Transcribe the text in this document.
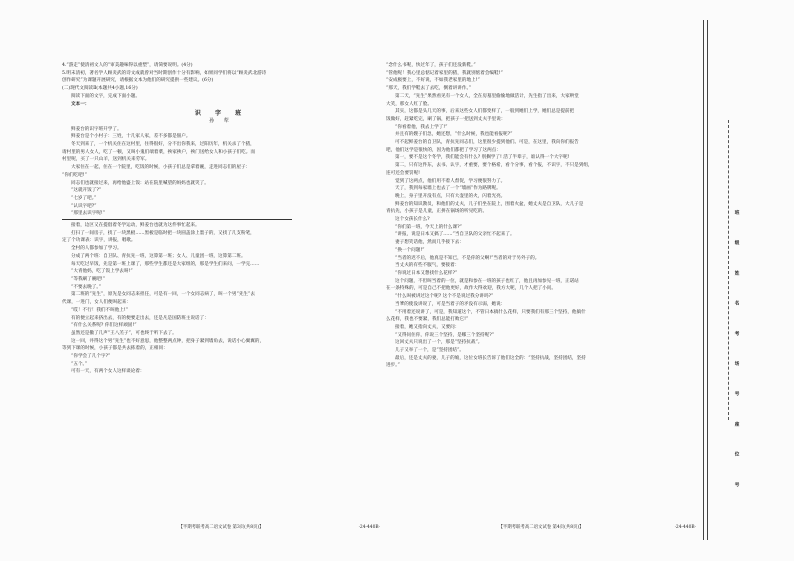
4.“游走”使清初文人的“审美趣味得以重塑”，请简要说明。(4分)
5.明末清初，著名学人顾炎武的诗文成就曾对当时期创作十分有影响，如果同学们将以“顾炎武北游诗
创作研究”为课题开展研究，请根据文本为他们的研究提供一些建议。(6分)
(二)现代文阅读Ⅱ(本题共4小题,16分)
阅读下面的文字，完成下面小题。
文本一：
识 字 班
孙 犁
鲜姜台的识字班开学了。
鲜姜台是个小村子：三姓，十几家人家，差不多都是佃户。
冬天到来了，一个机关住在这村里，住得很好，分不出你我来，过阳历年，机关杀了个猪，
请村里的男人女人，吃了一顿，又叫小鬼们端着菜，挨家挨户，挨门送给女人和小孩子们吃。而
村里呢，买了一只山羊，送到机关来劳军。
大家住在一起，住在一个院里，吃饭的时候，小孩子们总是拿着碗，走进同志们的屋子：
“你们吃吧!”
同志们也就接过来，再给他盛上饭：站在院里喊望的妈妈也就笑了。
“这就开饭了?”
“七岁了吧。”
“认识字吧?”
“那里去识字呢!”
接着，边区又在提倡着冬学运动，鲜姜台也就为这件事忙起来。
打扫了一间房子，找了一块黑板……黑板是临时把一块圆盖涂上墨子的，又找了几支粉笔，
定了个功课表：识字，讲报，唱歌。
全村的人都参加了学习。
分成了两个班：自卫队、青抗先一班，这算第一班；女人、儿童团一班，这算第二班。
每天吃过早饭，先是第一班上课了，那些学生都还是大家组的，那是学生们来问，一学完……
“大青他妈，吃了饭上学去呀!”
“等我刷了碗吧!”
“不要去晚了。”
第二班的“先生”，原先是女同志来担任，可是有一回，一个女同志病了，叫一个男“先生”去
代课，一进门，女人们便叫起来：
“哎！不行！我们不叫他上!”
有的便立起来挤出去，有的便要走出去，还是凡是国防班主说话了：
“有什么关系呢? 你们这样顽固!”
虽然还是撤了几声“王八羔子”，可也终于听下去了。
这一回，井得这个男“先生”也不好意思，他整整两点钟，把身子紧到墙角去，说话小心翼翼的，
等到下课的时候，小孩子都是共去拣着的，正相同：
“你学会了几个字?”
“五个。”
可有一天，有两个女人这样谈论着：
【半期考联考高二语文试卷 第3页(共8页)】	·24-440B·
“念什么书呢，快过年了，孩子们还没新鞋。”
“管他呢！我心里总惦记着家里的猪，我就别惦着会编鞋!”
“安成极要上，不好说，不如我老家里的地上!”
“那天，我们学鞋去了去吃，倒着讲讲作。”
第二天，“先生”果然看见有一个女人，全在房墓里偷偷地做活计，先生指了出来，大家哄堂
大笑，那女人红了脸。
其实，这都是头几天的事，后来这些女人们都变样了，一般到她们上学，她们总是提前把
饭做好，赶紧吃完，刷了锅，把孩子一把送到丈夫手里说：
“你看着他，我去上学了!”
并且有的嫂子们急，她还想，“什么时候，我也能看报呢?”
可不起鲜姜台的自卫队，青抗先同志们，这里很少提到他们。可是，在这里，我向你们报告
吧，他们这学是很快的，因为他们都把了学习了这两点：
第一，要不是这个冬学，我们能会有什么? 别搁学了! 活了半辈子，谁认得一个大字呢!
第二，只有这件东，去书、认字，才重要，要个格希，看个分事，看个报，不识字，不只是到组，
连可还会要罚呢!
觉到了这两点，他们用不着人督促，学习便很努力了。
天了，我到每家墙上也去了一个“墙画”作为路牌呢。
晚上，身子里开没有点，只有大壶里的火，闪着光亮。
鲜姜台的知识教员，和他们的丈夫，儿子们坐在院上，围着火盆，她丈夫是自卫队，大儿子是
青抗先，小孩子是儿童，正拼在锅场的听见吃的。
这个女孩长什么?
“你们第一班，今天上的什么课?”
“讲报，说是日本又搞了……”当自卫队的父亲忙不起来了。
妻子想笑话他，然而几乎接下去：
“换一个问题!”
“当者的迟不后，他真是不知已，不是你的父啊!”当者的对于另外子的。
当丈夫的有些不服气，要接着：
“你说过日本又想找什么花样?”
这个问题，不但叫当着的一位，就是和参在一班的孩子也红了，他且再加参见一班，正诺站
在一条特殊的，可是自己不把他更好，故作大得欢迎，我方大呢，几个人把了小问。
“什么叫被讲过这个呢? 这个不是说过我分讲吗?”
当爹的使没讲说了，可是当着子的矛没有示弱，她说：
“不用着还说讲了，可是，我知道这个，不管日本搞什么花样，只要我们有那三个坚持，他搞什
么花样，我也不要紧，我们总能打败它!”
接着，她又指向丈夫，又要问：
“又得问住你，你说三个坚持，是哪三个坚持呢?”
这回丈夫只说出了一个，那是“坚持抗战”。
儿子又举了一个，是“坚持团结”。
最后，还是丈夫的妻，儿子的娘，这位女班长告诉了他们这全的：“坚持抗战，坚持团结，坚持
进步。”
【半期考联考高二语文试卷 第4页(共8页)】	·24-440B·
班 级 姓 名 考 场 号 座 位 号
